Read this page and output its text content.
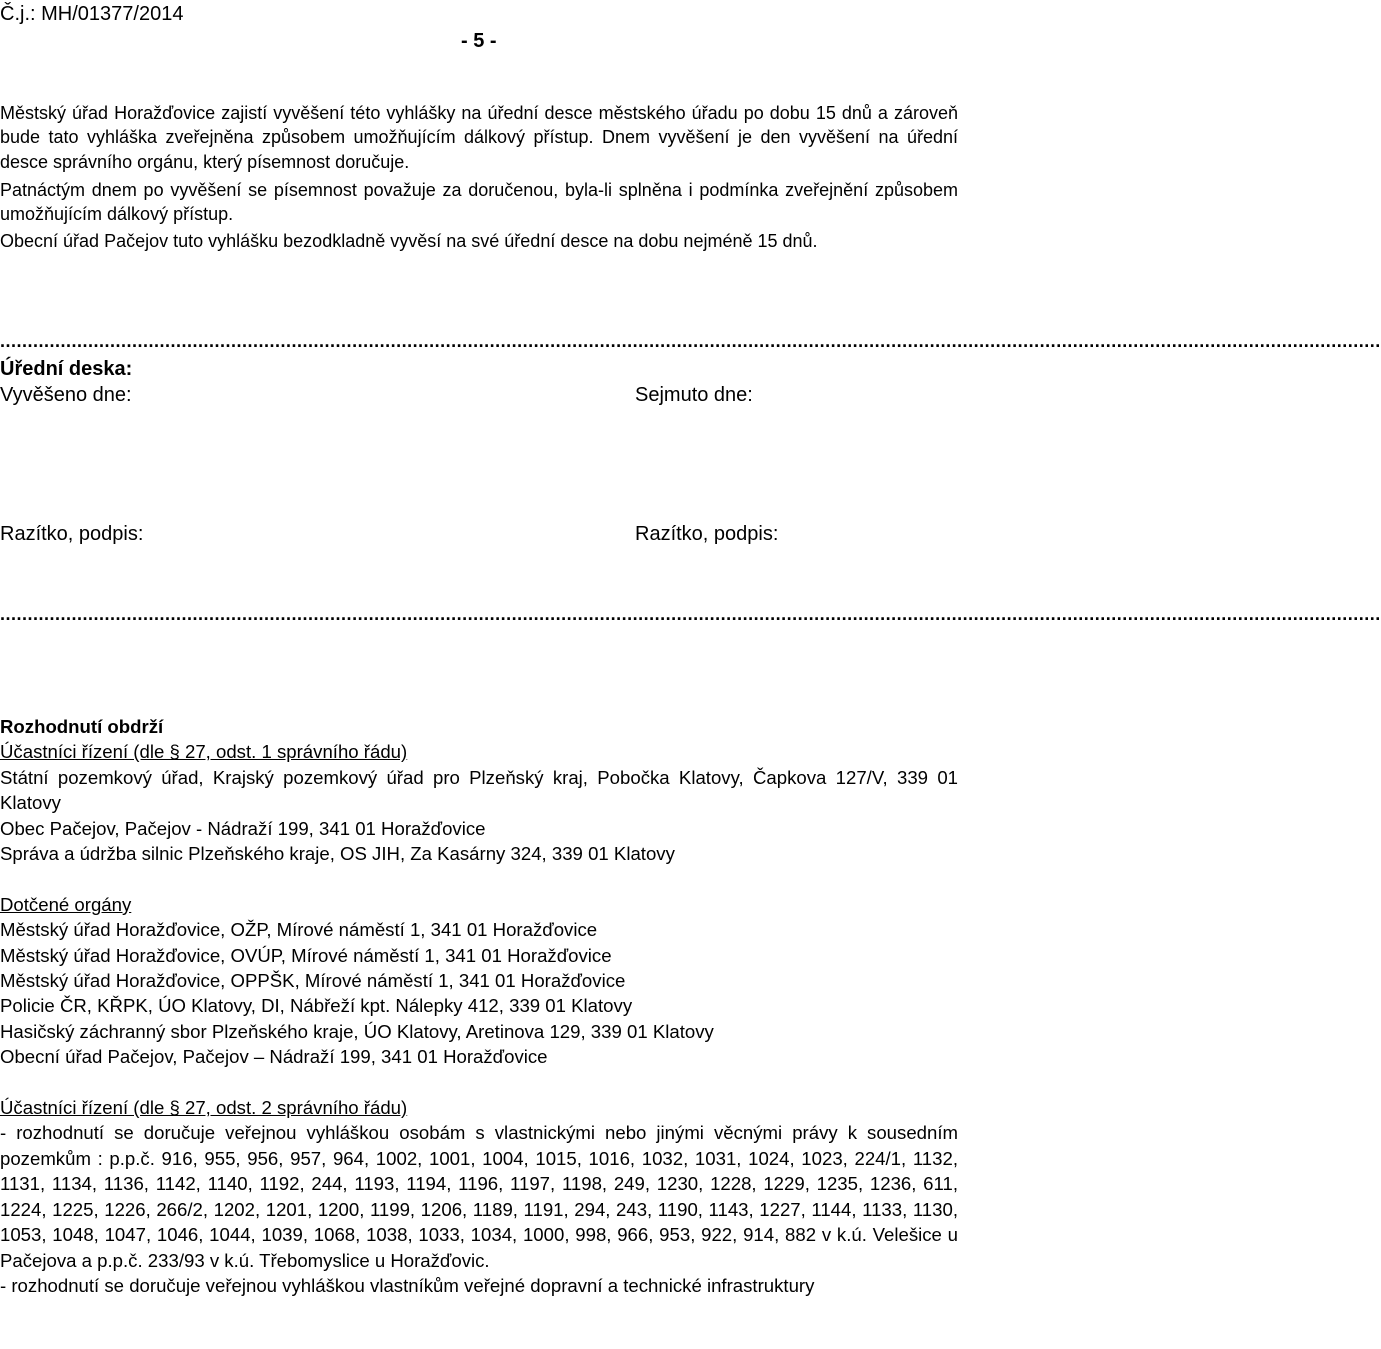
Č.j.: MH/01377/2014
- 5 -
Městský úřad Horažďovice zajistí vyvěšení této vyhlášky na úřední desce městského úřadu po dobu 15 dnů a zároveň bude tato vyhláška zveřejněna způsobem umožňujícím dálkový přístup. Dnem vyvěšení je den vyvěšení na úřední desce správního orgánu, který písemnost doručuje.
Patnáctým dnem po vyvěšení se písemnost považuje za doručenou, byla-li splněna i podmínka zveřejnění způsobem umožňujícím dálkový přístup.
Obecní úřad Pačejov tuto vyhlášku bezodkladně vyvěsí na své úřední desce na dobu nejméně 15 dnů.
...........................................................................................................................................................................................................................................................
Úřední deska:
Vyvěšeno dne:	Sejmuto dne:
Razítko, podpis:	Razítko, podpis:
...........................................................................................................................................................................................................................................................
Rozhodnutí obdrží
Účastníci řízení (dle § 27, odst. 1 správního řádu)
Státní pozemkový úřad, Krajský pozemkový úřad pro Plzeňský kraj, Pobočka Klatovy, Čapkova 127/V, 339 01 Klatovy
Obec Pačejov, Pačejov - Nádraží 199, 341 01 Horažďovice
Správa a údržba silnic Plzeňského kraje, OS JIH, Za Kasárny 324, 339 01 Klatovy
Dotčené orgány
Městský úřad Horažďovice, OŽP, Mírové náměstí 1, 341 01 Horažďovice
Městský úřad Horažďovice, OVÚP, Mírové náměstí 1, 341 01 Horažďovice
Městský úřad Horažďovice, OPPŠK, Mírové náměstí 1, 341 01 Horažďovice
Policie ČR, KŘPK, ÚO Klatovy, DI, Nábřeží kpt. Nálepky 412, 339 01 Klatovy
Hasičský záchranný sbor Plzeňského kraje, ÚO Klatovy, Aretinova 129, 339 01 Klatovy
Obecní úřad Pačejov, Pačejov – Nádraží 199, 341 01 Horažďovice
Účastníci řízení (dle § 27, odst. 2 správního řádu)
- rozhodnutí se doručuje veřejnou vyhláškou osobám s vlastnickými nebo jinými věcnými právy k sousedním pozemkům : p.p.č. 916, 955, 956, 957, 964, 1002, 1001, 1004, 1015, 1016, 1032, 1031, 1024, 1023, 224/1, 1132, 1131, 1134, 1136, 1142, 1140, 1192, 244, 1193, 1194, 1196, 1197, 1198, 249, 1230, 1228, 1229, 1235, 1236, 611, 1224, 1225, 1226, 266/2, 1202, 1201, 1200, 1199, 1206, 1189, 1191, 294, 243, 1190, 1143, 1227, 1144, 1133, 1130, 1053, 1048, 1047, 1046, 1044, 1039, 1068, 1038, 1033, 1034, 1000, 998, 966, 953, 922, 914, 882 v k.ú. Velešice u Pačejova a p.p.č. 233/93 v k.ú. Třebomyslice u Horažďovic.
- rozhodnutí se doručuje veřejnou vyhláškou vlastníkům veřejné dopravní a technické infrastruktury
